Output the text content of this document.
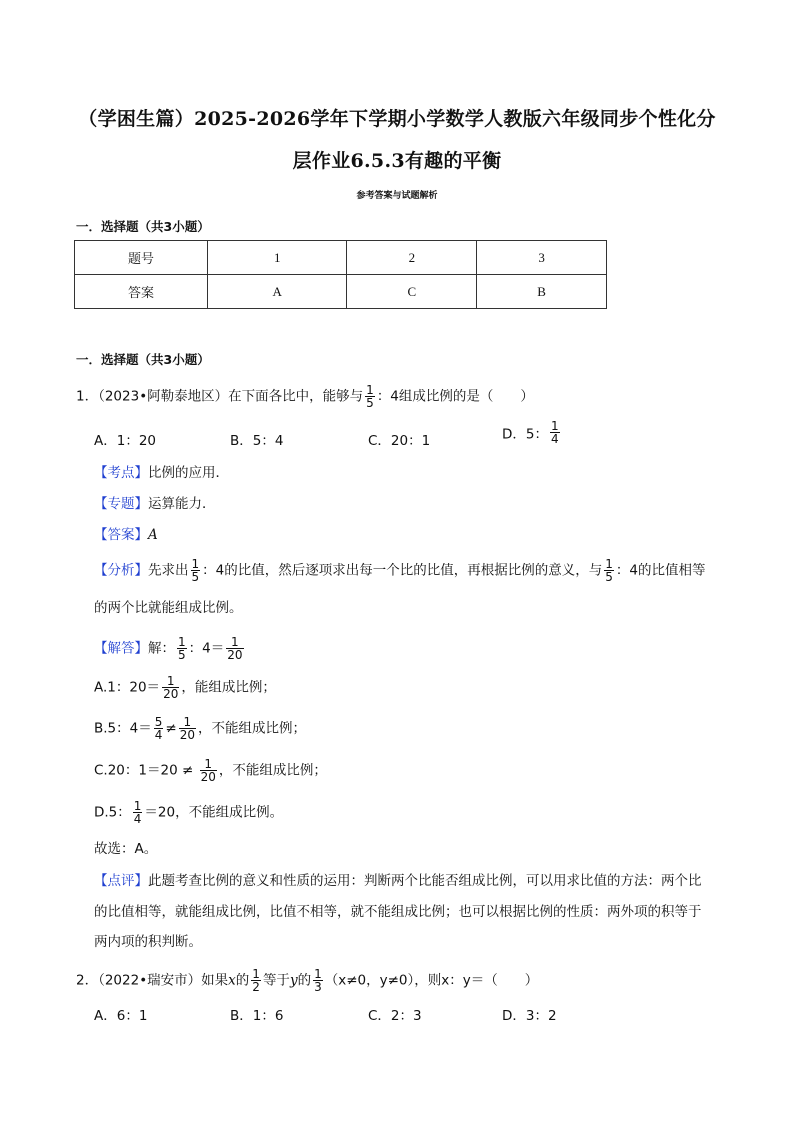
（学困生篇）2025-2026学年下学期小学数学人教版六年级同步个性化分
层作业6.5.3有趣的平衡
参考答案与试题解析
一．选择题（共3小题）
题号	1	2	3
答案	A	C	B
一．选择题（共3小题）
1．（2023•阿勒泰地区）在下面各比中，能够与 $\frac{1}{5}$ ：4组成比例的是（　　）
A．1：20	B．5：4	C．20：1	D．5： $\frac{1}{4}$
【考点】比例的应用．
【专题】运算能力．
【答案】A
【分析】先求出 $\frac{1}{5}$ ：4的比值，然后逐项求出每一个比的比值，再根据比例的意义，与 $\frac{1}{5}$ ：4的比值相等
的两个比就能组成比例。
【解答】解： $\frac{1}{5}$ ：$4= \frac{1}{20}$
A.1：$20= \frac{1}{20}$ ，能组成比例；
B.5：$4= \frac{5}{4} \ne \frac{1}{20}$ ，不能组成比例；
C.20：$1=20 \ne \frac{1}{20}$ ，不能组成比例；
D.5： $\frac{1}{4} =20$，不能组成比例。
故选：A。
【点评】此题考查比例的意义和性质的运用：判断两个比能否组成比例，可以用求比值的方法：两个比
的比值相等，就能组成比例，比值不相等，就不能组成比例；也可以根据比例的性质：两外项的积等于
两内项的积判断。
2．（2022•瑞安市）如果x的 $\frac{1}{2}$ 等于y的 $\frac{1}{3} (x\ne 0$，y≠0），则x：y＝（　　）
A．6：1	B．1：6	C．2：3	D．3：2
